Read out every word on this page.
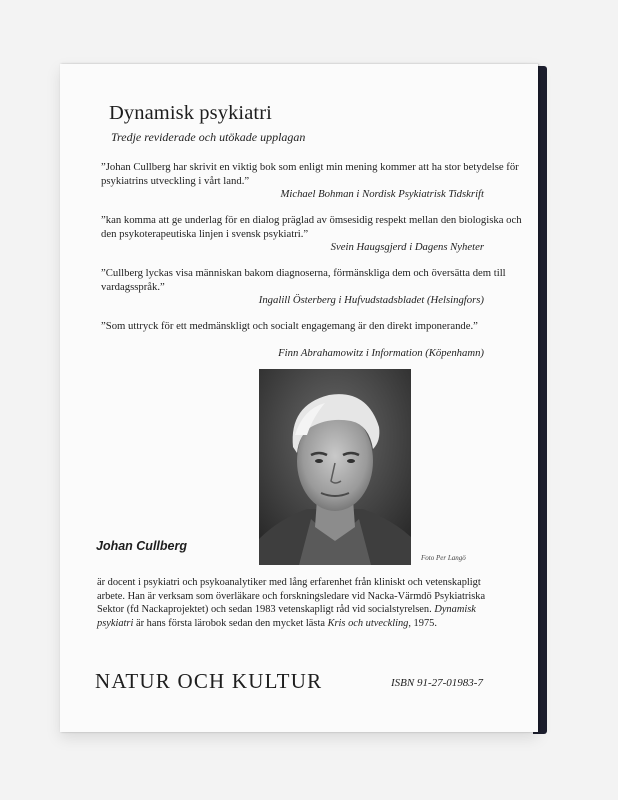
Dynamisk psykiatri
Tredje reviderade och utökade upplagan
”Johan Cullberg har skrivit en viktig bok som enligt min mening kommer att ha stor betydelse för psykiatrins utveckling i vårt land.”
Michael Bohman i Nordisk Psykiatrisk Tidskrift
”kan komma att ge underlag för en dialog präglad av ömsesidig respekt mellan den biologiska och den psykoterapeutiska linjen i svensk psykiatri.”
Svein Haugsgjerd i Dagens Nyheter
”Cullberg lyckas visa människan bakom diagnoserna, förmänskliga dem och översätta dem till vardagsspråk.”
Ingalill Österberg i Hufvudstadsbladet (Helsingfors)
”Som uttryck för ett medmänskligt och socialt engagemang är den direkt imponerande.”
Finn Abrahamowitz i Information (Köpenhamn)
Foto Per Langö
Johan Cullberg
är docent i psykiatri och psykoanalytiker med lång erfarenhet från kliniskt och vetenskapligt arbete. Han är verksam som överläkare och forskningsledare vid Nacka-Värmdö Psykiatriska Sektor (fd Nackaprojektet) och sedan 1983 vetenskapligt råd vid socialstyrelsen. Dynamisk psykiatri är hans första lärobok sedan den mycket lästa Kris och utveckling, 1975.
NATUR OCH KULTUR	ISBN 91-27-01983-7
